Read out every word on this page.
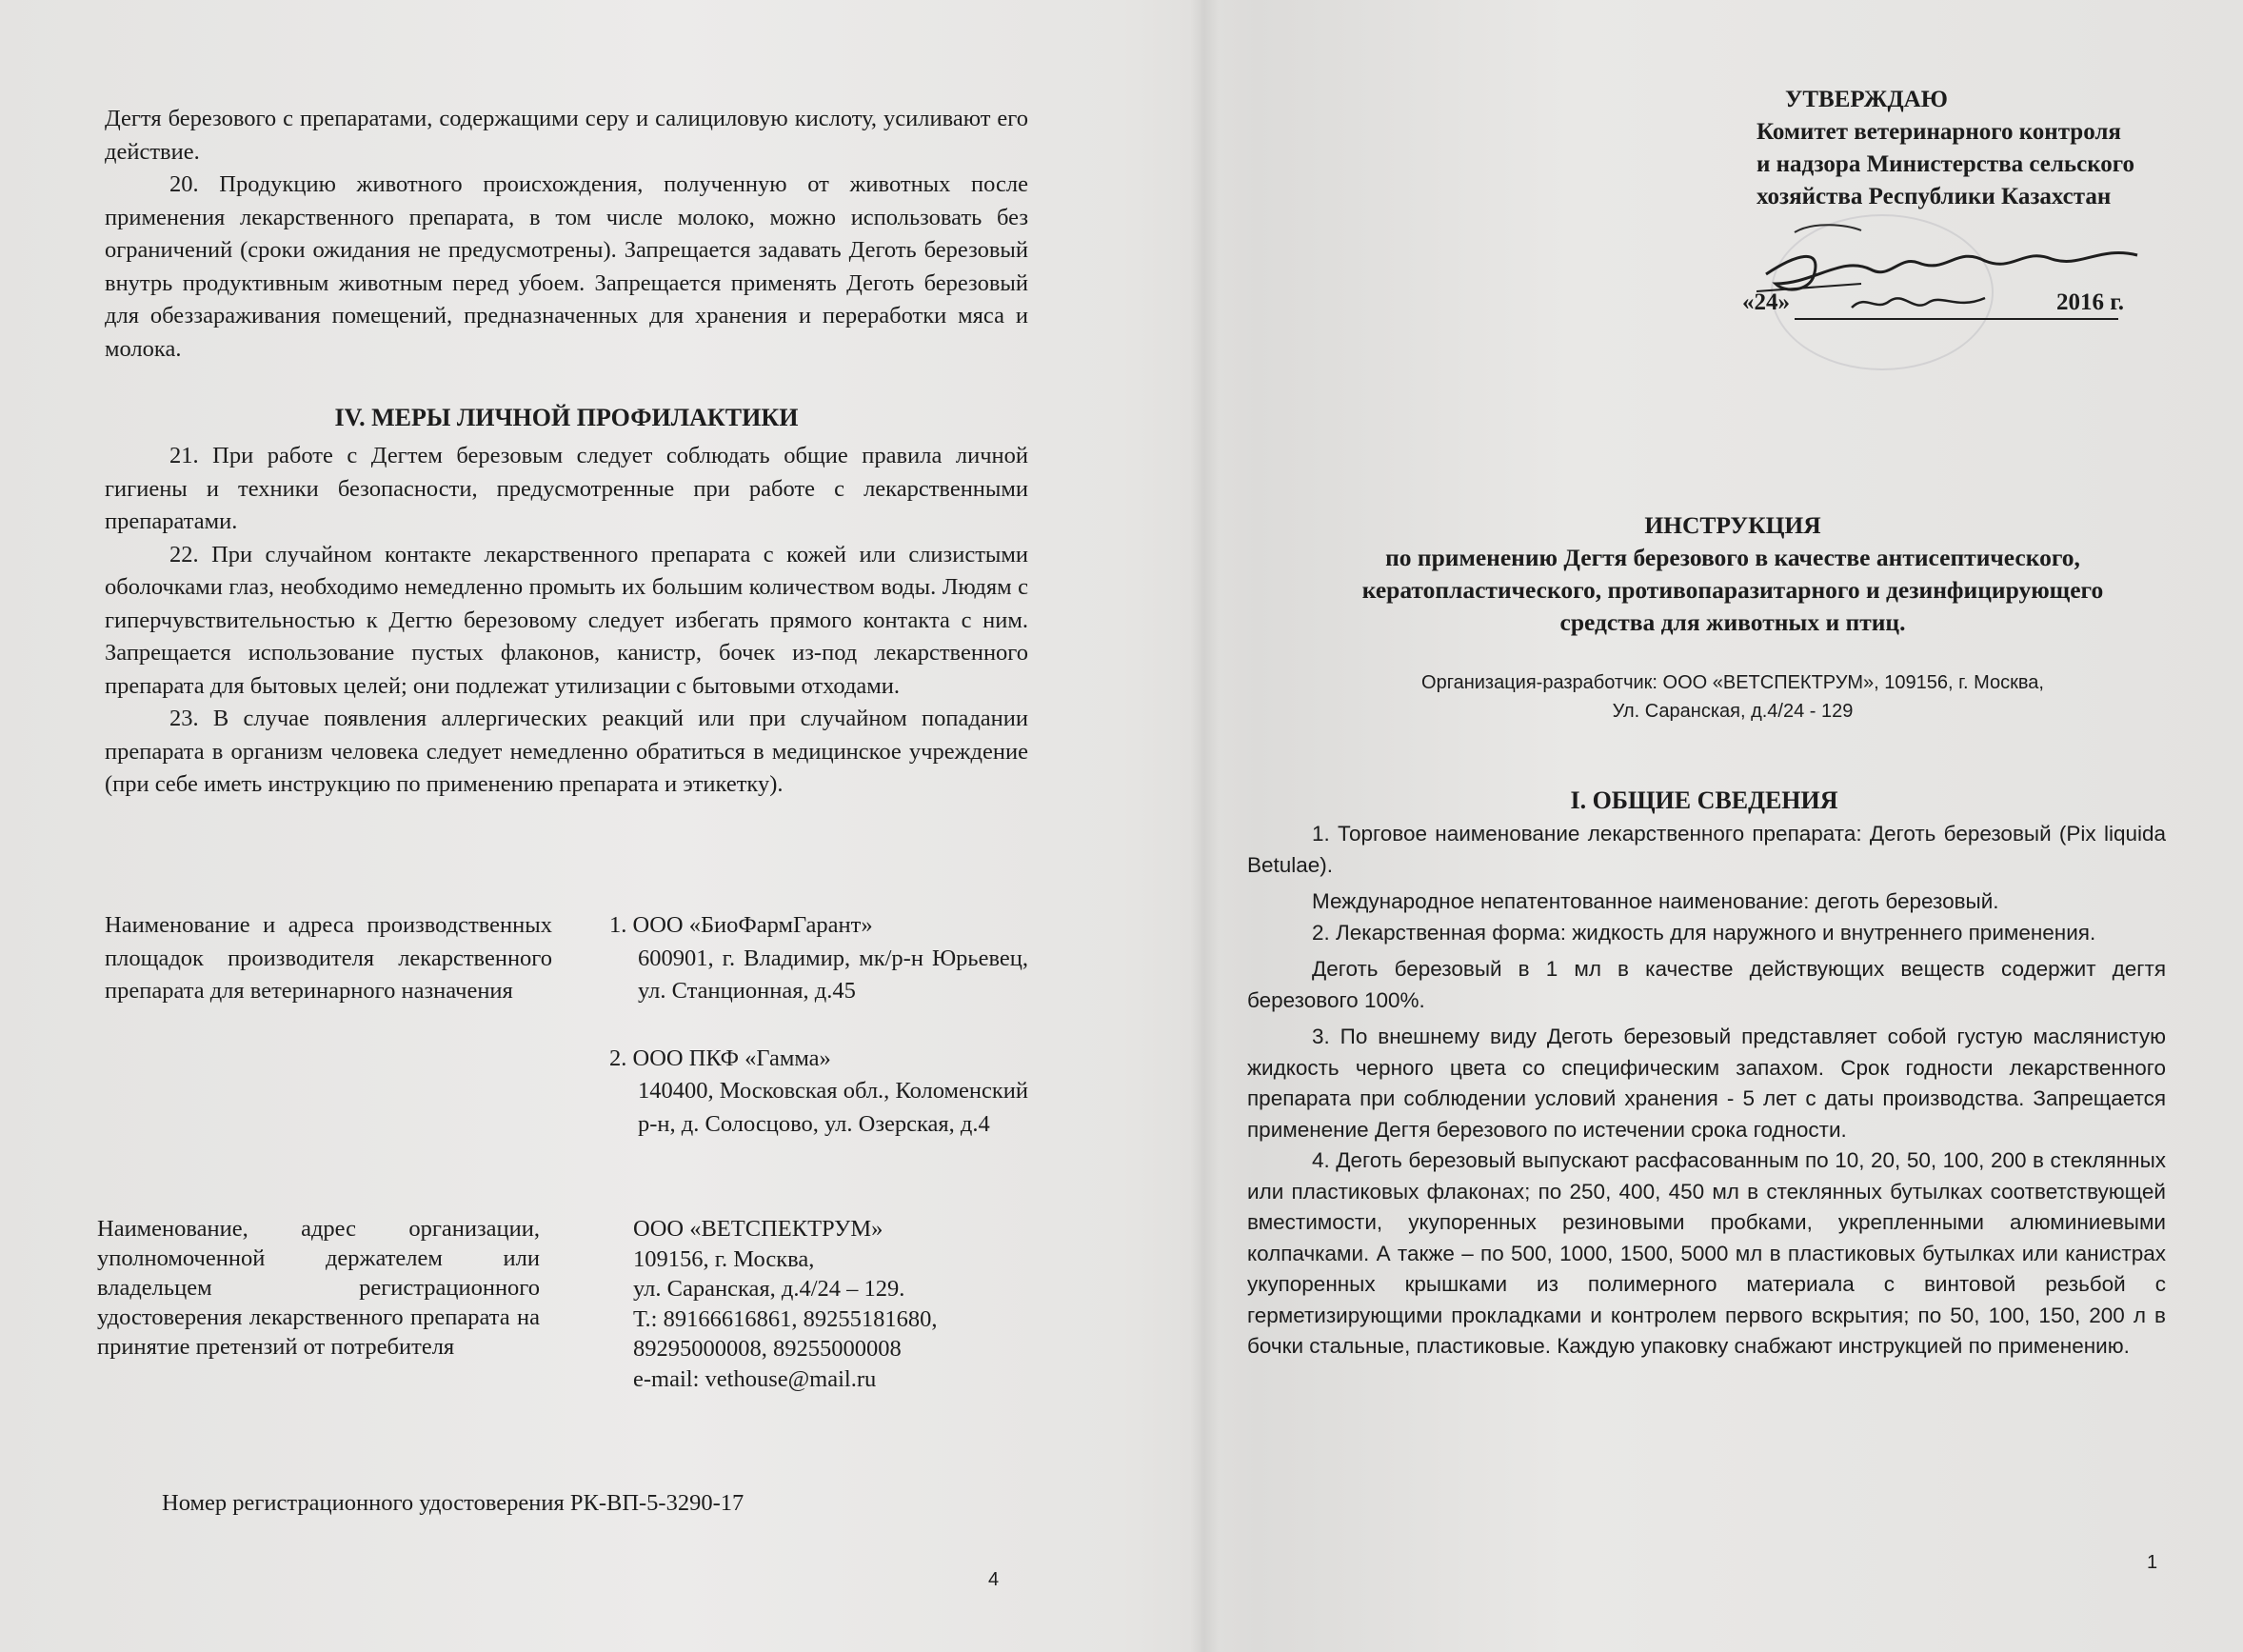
Дегтя березового с препаратами, содержащими серу и салициловую кислоту, усиливают его действие.

20. Продукцию животного происхождения, полученную от животных после применения лекарственного препарата, в том числе молоко, можно использовать без ограничений (сроки ожидания не предусмотрены). Запрещается задавать Деготь березовый внутрь продуктивным животным перед убоем. Запрещается применять Деготь березовый для обеззараживания помещений, предназначенных для хранения и переработки мяса и молока.

IV. МЕРЫ ЛИЧНОЙ ПРОФИЛАКТИКИ

21. При работе с Дегтем березовым следует соблюдать общие правила личной гигиены и техники безопасности, предусмотренные при работе с лекарственными препаратами.

22. При случайном контакте лекарственного препарата с кожей или слизистыми оболочками глаз, необходимо немедленно промыть их большим количеством воды. Людям с гиперчувствительностью к Дегтю березовому следует избегать прямого контакта с ним. Запрещается использование пустых флаконов, канистр, бочек из-под лекарственного препарата для бытовых целей; они подлежат утилизации с бытовыми отходами.

23. В случае появления аллергических реакций или при случайном попадании препарата в организм человека следует немедленно обратиться в медицинское учреждение (при себе иметь инструкцию по применению препарата и этикетку).

Наименование и адреса производственных площадок производителя лекарственного препарата для ветеринарного назначения
1. ООО «БиоФармГарант»
600901, г. Владимир, мк/р-н Юрьевец, ул. Станционная, д.45
2. ООО ПКФ «Гамма»
140400, Московская обл., Коломенский р-н, д. Солосцово, ул. Озерская, д.4
Наименование, адрес организации, уполномоченной держателем или владельцем регистрационного удостоверения лекарственного препарата на принятие претензий от потребителя
ООО «ВЕТСПЕКТРУМ»
109156, г. Москва,
ул. Саранская, д.4/24 – 129.
Т.: 89166616861, 89255181680,
89295000008, 89255000008
e-mail: vethouse@mail.ru
Номер регистрационного удостоверения РК-ВП-5-3290-17
4
УТВЕРЖДАЮ
Комитет ветеринарного контроля
и надзора Министерства сельского
хозяйства Республики Казахстан
«24»	2016 г.
ИНСТРУКЦИЯ
по применению Дегтя березового в качестве антисептического, кератопластического, противопаразитарного и дезинфицирующего средства для животных и птиц.
Организация-разработчик: ООО «ВЕТСПЕКТРУМ», 109156, г. Москва,
Ул. Саранская, д.4/24 - 129
I. ОБЩИЕ СВЕДЕНИЯ

1. Торговое наименование лекарственного препарата: Деготь березовый (Pix liquida Betulae).

Международное непатентованное наименование: деготь березовый.

2. Лекарственная форма: жидкость для наружного и внутреннего применения.

Деготь березовый в 1 мл в качестве действующих веществ содержит дегтя березового 100%.

3. По внешнему виду Деготь березовый представляет собой густую маслянистую жидкость черного цвета со специфическим запахом. Срок годности лекарственного препарата при соблюдении условий хранения - 5 лет с даты производства. Запрещается применение Дегтя березового по истечении срока годности.

4. Деготь березовый выпускают расфасованным по 10, 20, 50, 100, 200 в стеклянных или пластиковых флаконах; по 250, 400, 450 мл в стеклянных бутылках соответствующей вместимости, укупоренных резиновыми пробками, укрепленными алюминиевыми колпачками. А также – по 500, 1000, 1500, 5000 мл в пластиковых бутылках или канистрах укупоренных крышками из полимерного материала с винтовой резьбой с герметизирующими прокладками и контролем первого вскрытия; по 50, 100, 150, 200 л в бочки стальные, пластиковые. Каждую упаковку снабжают инструкцией по применению.

1
